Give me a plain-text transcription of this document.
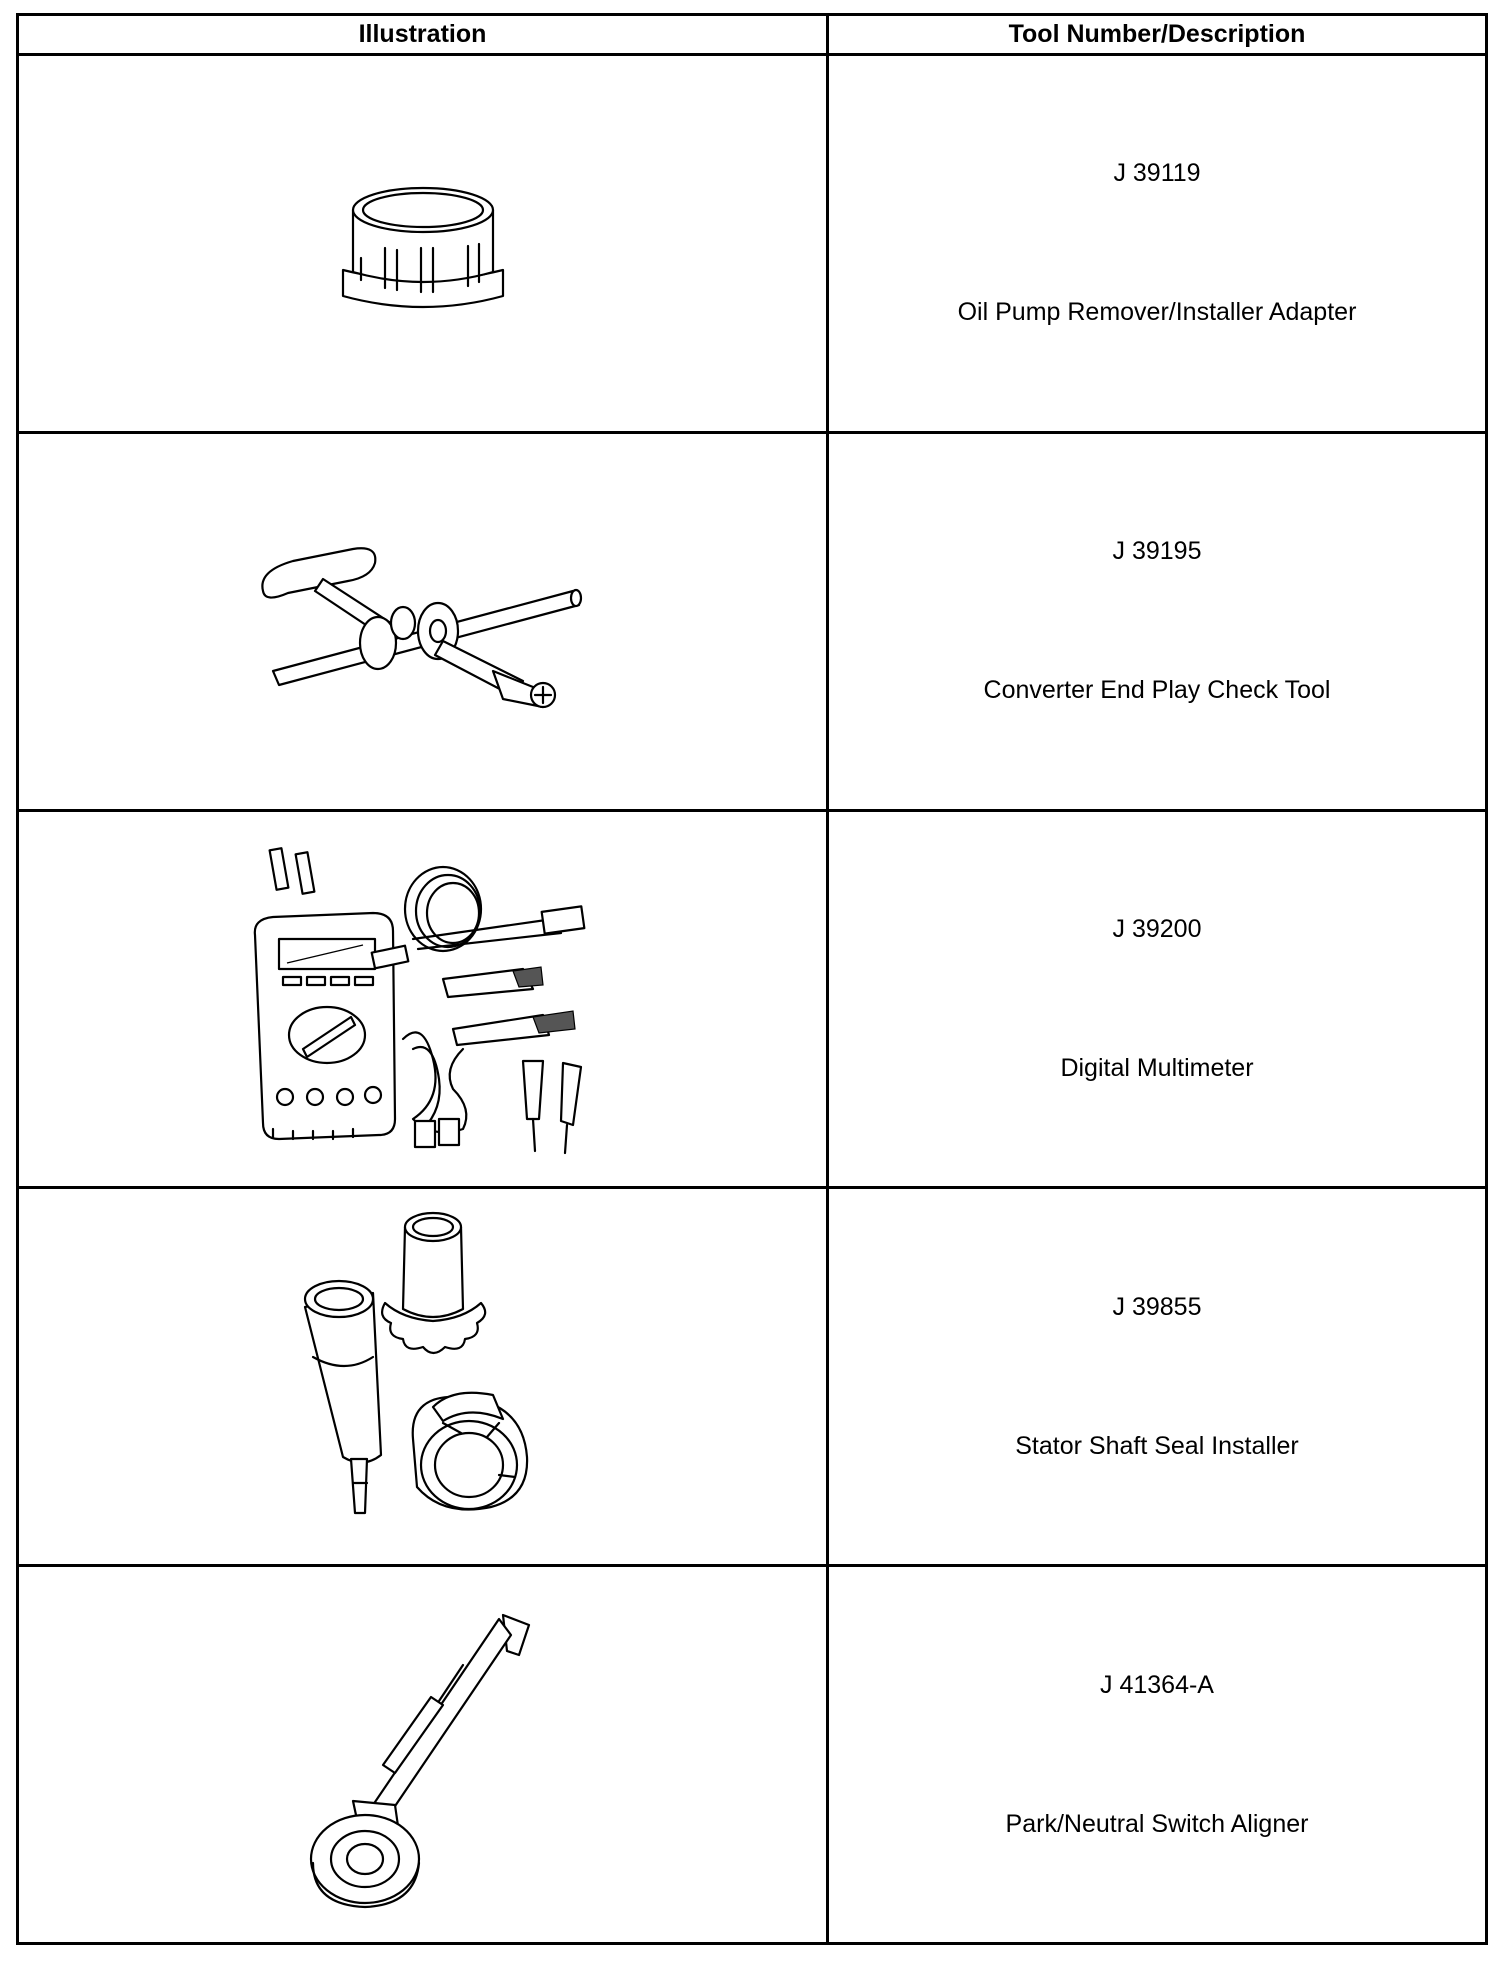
Illustration	Tool Number/Description

J 39119
Oil Pump Remover/Installer Adapter

J 39195
Converter End Play Check Tool

J 39200
Digital Multimeter

J 39855
Stator Shaft Seal Installer

J 41364-A
Park/Neutral Switch Aligner
